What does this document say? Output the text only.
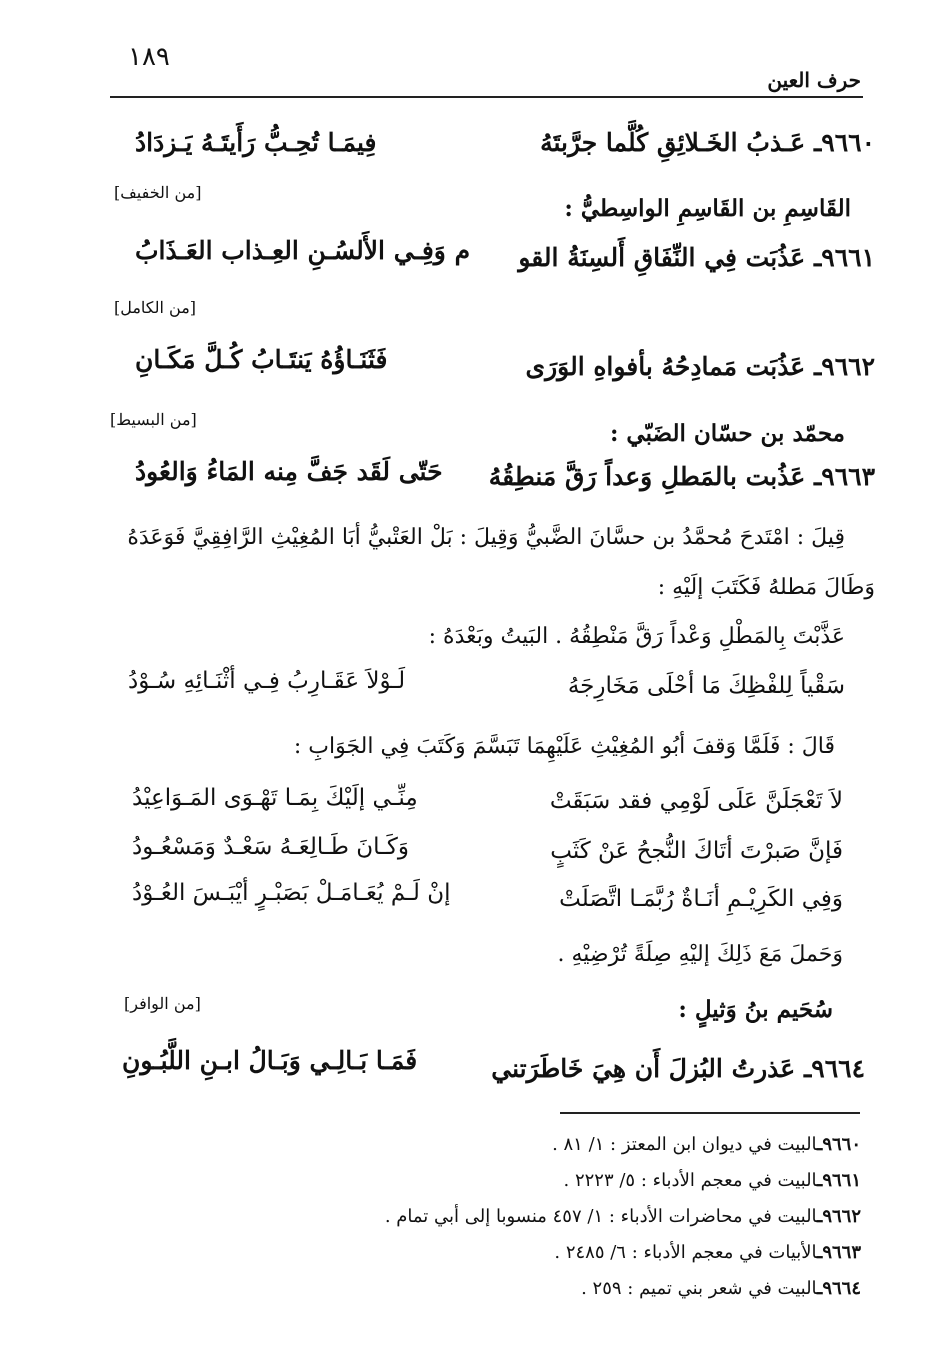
١٨٩
حرف العين
٩٦٦٠ـ عَـذبُ الخَـلائِقِ كُلَّما جرَّبتَهُ
فِيمَـا تُحِـبُّ رَأَيتَـهُ يَـزدَادُ
[من الخفيف]
القَاسِمِ بن القَاسِمِ الواسِطيُّ :
٩٦٦١ـ عَذُبَت فِي النِّفَاقِ أَلسِنَةُ القو
م وَفِـي الأَلسُـنِ العِـذاب العَـذَابُ
[من الكامل]
٩٦٦٢ـ عَذُبَت مَمادِحُهُ بأفواهِ الوَرَى
فَثَنَـاؤُهُ يَنتَـابُ كُـلَّ مَكَـانِ
[من البسيط]
محمّد بن حسّان الضَبّي :
٩٦٦٣ـ عَذُبت بالمَطلِ وَعداً رَقَّ مَنطِقُهُ
حَتّى لَقَد جَفَّ مِنه المَاءُ وَالعُودُ
قِيلَ : امْتَدحَ مُحمَّدُ بن حسَّانَ الضَّبيُّ وَقِيلَ : بَلْ العَتْبيُّ أبَا المُغِيْثِ الرَّافِقِيَّ فَوَعَدَهُ
وَطَالَ مَطلهُ فَكَتَبَ إلَيْهِ :
عَذَّبْتَ بِالمَطْلِ وَعْداً رَقَّ مَنْطِقُهُ . البَيتُ وبَعْدَهُ :
سَقْياً لِلفْظِكَ مَا أحْلَى مَخَارِجَهُ
لَـوْلاَ عَقَـارِبُ فِـي أثْنَـائِهِ سُـوْدُ
قَالَ : فَلَمَّا وَقفَ أبُو المُغِيْثِ عَلَيْهِمَا تَبَسَّمَ وَكَتَبَ فِي الجَوَابِ :
لاَ تَعْجَلَنَّ عَلَى لَوْمِي فقد سَبَقَتْ
مِنِّـي إلَيْكَ بِمَـا تَهْـوَى المَـوَاعِيْدُ
فَإنَّ صَبرْتَ أتَاكَ النُّجحُ عَنْ كَثَبٍ
وَكَـانَ طَـالِعَـهُ سَعْـدٌ وَمَسْعُـودُ
وَفِي الكَرِيْـمِ أنَـاةٌ رُبَّمَـا اتَّصَلَتْ
إنْ لَـمْ يُعَـامَـلْ بَصَبْـرٍ أيْبَـسَ العُـوْدُ
وَحَملَ مَعَ ذَلِكَ إليْهِ صِلَةً تُرْضِيْهِ .
[من الوافر]	سُحَيم بنُ وَثيلٍ :
٩٦٦٤ـ عَذرتُ البُزلَ أَن هِيَ خَاطَرَتني
فَمَـا بَـالِـي وَبَـالُ ابـنِ اللَّبُـونِ
٩٦٦٠ـالبيت في ديوان ابن المعتز : ١/ ٨١ .
٩٦٦١ـالبيت في معجم الأدباء : ٥/ ٢٢٢٣ .
٩٦٦٢ـالبيت في محاضرات الأدباء : ١/ ٤٥٧ منسوبا إلى أبي تمام .
٩٦٦٣ـالأبيات في معجم الأدباء : ٦/ ٢٤٨٥ .
٩٦٦٤ـالبيت في شعر بني تميم : ٢٥٩ .
